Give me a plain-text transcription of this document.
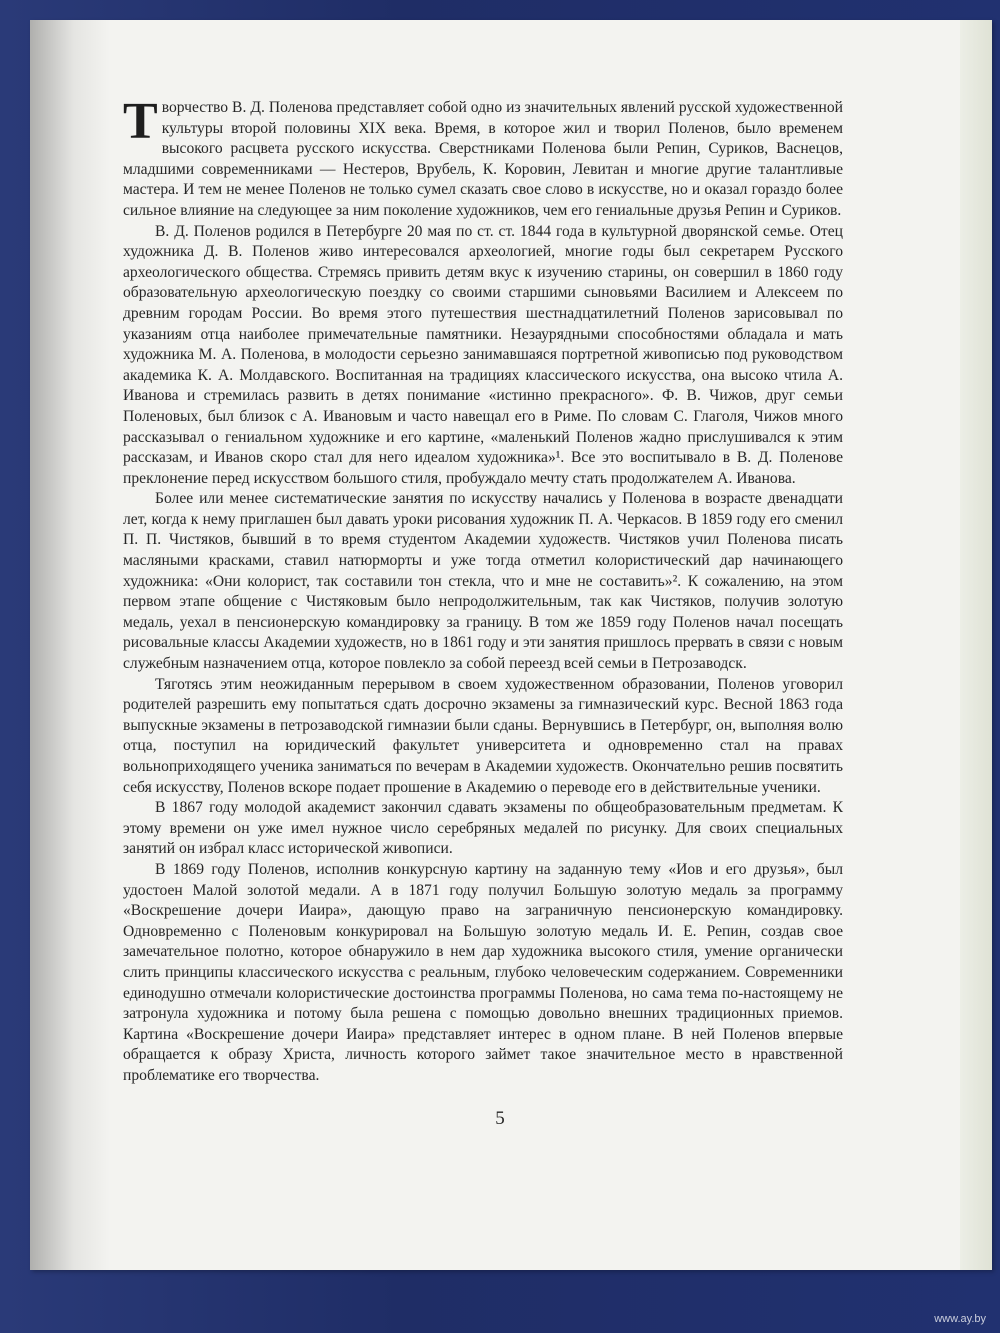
Творчество В. Д. Поленова представляет собой одно из значительных явлений русской художественной культуры второй половины XIX века. Время, в которое жил и творил Поленов, было временем высокого расцвета русского искусства. Сверстниками Поленова были Репин, Суриков, Васнецов, младшими современниками — Нестеров, Врубель, К. Коровин, Левитан и многие другие талантливые мастера. И тем не менее Поленов не только сумел сказать свое слово в искусстве, но и оказал гораздо более сильное влияние на следующее за ним поколение художников, чем его гениальные друзья Репин и Суриков.

В. Д. Поленов родился в Петербурге 20 мая по ст. ст. 1844 года в культурной дворянской семье. Отец художника Д. В. Поленов живо интересовался археологией, многие годы был секретарем Русского археологического общества. Стремясь привить детям вкус к изучению старины, он совершил в 1860 году образовательную археологическую поездку со своими старшими сыновьями Василием и Алексеем по древним городам России. Во время этого путешествия шестнадцатилетний Поленов зарисовывал по указаниям отца наиболее примечательные памятники. Незаурядными способностями обладала и мать художника М. А. Поленова, в молодости серьезно занимавшаяся портретной живописью под руководством академика К. А. Молдавского. Воспитанная на традициях классического искусства, она высоко чтила А. Иванова и стремилась развить в детях понимание «истинно прекрасного». Ф. В. Чижов, друг семьи Поленовых, был близок с А. Ивановым и часто навещал его в Риме. По словам С. Глаголя, Чижов много рассказывал о гениальном художнике и его картине, «маленький Поленов жадно прислушивался к этим рассказам, и Иванов скоро стал для него идеалом художника»¹. Все это воспитывало в В. Д. Поленове преклонение перед искусством большого стиля, пробуждало мечту стать продолжателем А. Иванова.

Более или менее систематические занятия по искусству начались у Поленова в возрасте двенадцати лет, когда к нему приглашен был давать уроки рисования художник П. А. Черкасов. В 1859 году его сменил П. П. Чистяков, бывший в то время студентом Академии художеств. Чистяков учил Поленова писать масляными красками, ставил натюрморты и уже тогда отметил колористический дар начинающего художника: «Они колорист, так составили тон стекла, что и мне не составить»². К сожалению, на этом первом этапе общение с Чистяковым было непродолжительным, так как Чистяков, получив золотую медаль, уехал в пенсионерскую командировку за границу. В том же 1859 году Поленов начал посещать рисовальные классы Академии художеств, но в 1861 году и эти занятия пришлось прервать в связи с новым служебным назначением отца, которое повлекло за собой переезд всей семьи в Петрозаводск.

Тяготясь этим неожиданным перерывом в своем художественном образовании, Поленов уговорил родителей разрешить ему попытаться сдать досрочно экзамены за гимназический курс. Весной 1863 года выпускные экзамены в петрозаводской гимназии были сданы. Вернувшись в Петербург, он, выполняя волю отца, поступил на юридический факультет университета и одновременно стал на правах вольноприходящего ученика заниматься по вечерам в Академии художеств. Окончательно решив посвятить себя искусству, Поленов вскоре подает прошение в Академию о переводе его в действительные ученики.

В 1867 году молодой академист закончил сдавать экзамены по общеобразовательным предметам. К этому времени он уже имел нужное число серебряных медалей по рисунку. Для своих специальных занятий он избрал класс исторической живописи.

В 1869 году Поленов, исполнив конкурсную картину на заданную тему «Иов и его друзья», был удостоен Малой золотой медали. А в 1871 году получил Большую золотую медаль за программу «Воскрешение дочери Иаира», дающую право на заграничную пенсионерскую командировку. Одновременно с Поленовым конкурировал на Большую золотую медаль И. Е. Репин, создав свое замечательное полотно, которое обнаружило в нем дар художника высокого стиля, умение органически слить принципы классического искусства с реальным, глубоко человеческим содержанием. Современники единодушно отмечали колористические достоинства программы Поленова, но сама тема по-настоящему не затронула художника и потому была решена с помощью довольно внешних традиционных приемов. Картина «Воскрешение дочери Иаира» представляет интерес в одном плане. В ней Поленов впервые обращается к образу Христа, личность которого займет такое значительное место в нравственной проблематике его творчества.

5
www.ay.by
